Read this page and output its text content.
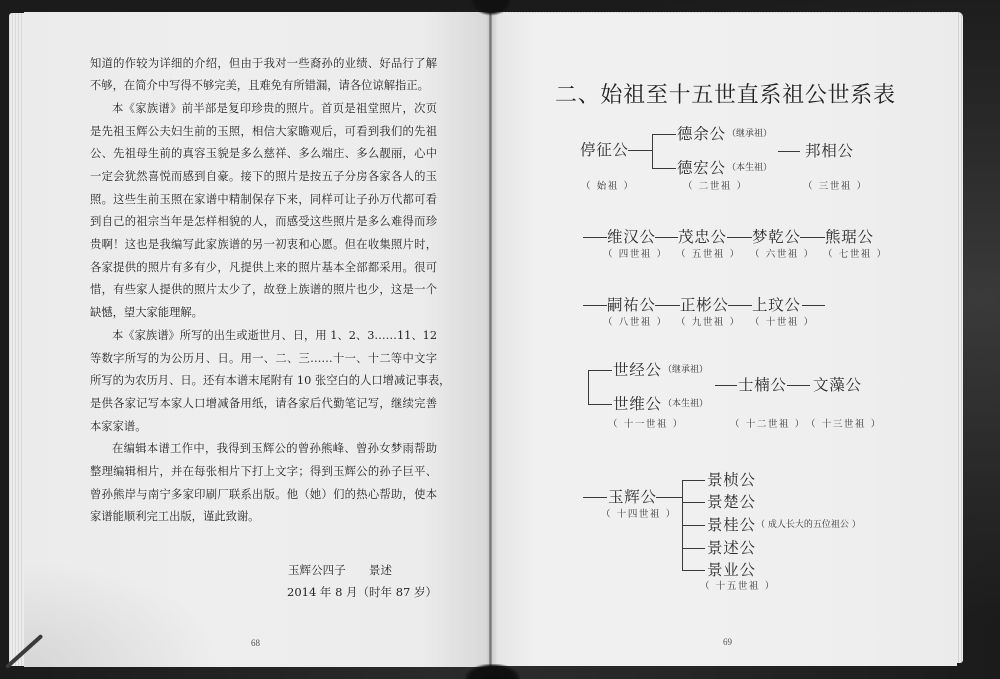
知道的作较为详细的介绍，但由于我对一些裔孙的业绩、好品行了解
不够，在简介中写得不够完美，且难免有所错漏，请各位谅解指正。
本《家族谱》前半部是复印珍贵的照片。首页是祖堂照片，次页
是先祖玉辉公夫妇生前的玉照，相信大家瞻观后，可看到我们的先祖
公、先祖母生前的真容玉貌是多么慈祥、多么端庄、多么靓丽，心中
一定会犹然喜悦而感到自豪。接下的照片是按五子分房各家各人的玉
照。这些生前玉照在家谱中精制保存下来，同样可让子孙万代都可看
到自己的祖宗当年是怎样相貌的人，而感受这些照片是多么难得而珍
贵啊！这也是我编写此家族谱的另一初衷和心愿。但在收集照片时，
各家提供的照片有多有少，凡提供上来的照片基本全部都采用。很可
惜，有些家人提供的照片太少了，故登上族谱的照片也少，这是一个
缺憾，望大家能理解。
本《家族谱》所写的出生或逝世月、日，用 1、2、3……11、12
等数字所写的为公历月、日。用一、二、三……十一、十二等中文字
所写的为农历月、日。还有本谱末尾附有 10 张空白的人口增减记事表，
是供各家记写本家人口增减备用纸，请各家后代勤笔记写，继续完善
本家家谱。
在编辑本谱工作中，我得到玉辉公的曾孙熊峰、曾孙女梦雨帮助
整理编辑相片，并在每张相片下打上文字；得到玉辉公的孙子巨平、
曾孙熊岸与南宁多家印刷厂联系出版。他（她）们的热心帮助，使本
家谱能顺利完工出版，谨此致谢。
玉辉公四子　　景述
2014 年 8 月（时年 87 岁）
68
二、始祖至十五世直系祖公世系表
停征公
德余公 （继承祖）
德宏公 （本生祖）
邦相公
（ 始祖 ）	（ 二世祖 ）	（ 三世祖 ）
维汉公 茂忠公 梦乾公 熊琚公
（ 四世祖 ） （ 五世祖 ） （ 六世祖 ） （ 七世祖 ）
嗣祐公 正彬公 上玟公
（ 八世祖 ） （ 九世祖 ） （ 十世祖 ）
世经公 （继承祖）
世维公 （本生祖）
士楠公 文藻公
（ 十一世祖 ）	（ 十二世祖 ） （ 十三世祖 ）
玉辉公
（ 十四世祖 ）
景桢公
景楚公
景桂公 （ 成人长大的五位祖公 ）
景述公
景业公
（ 十五世祖 ）
69
